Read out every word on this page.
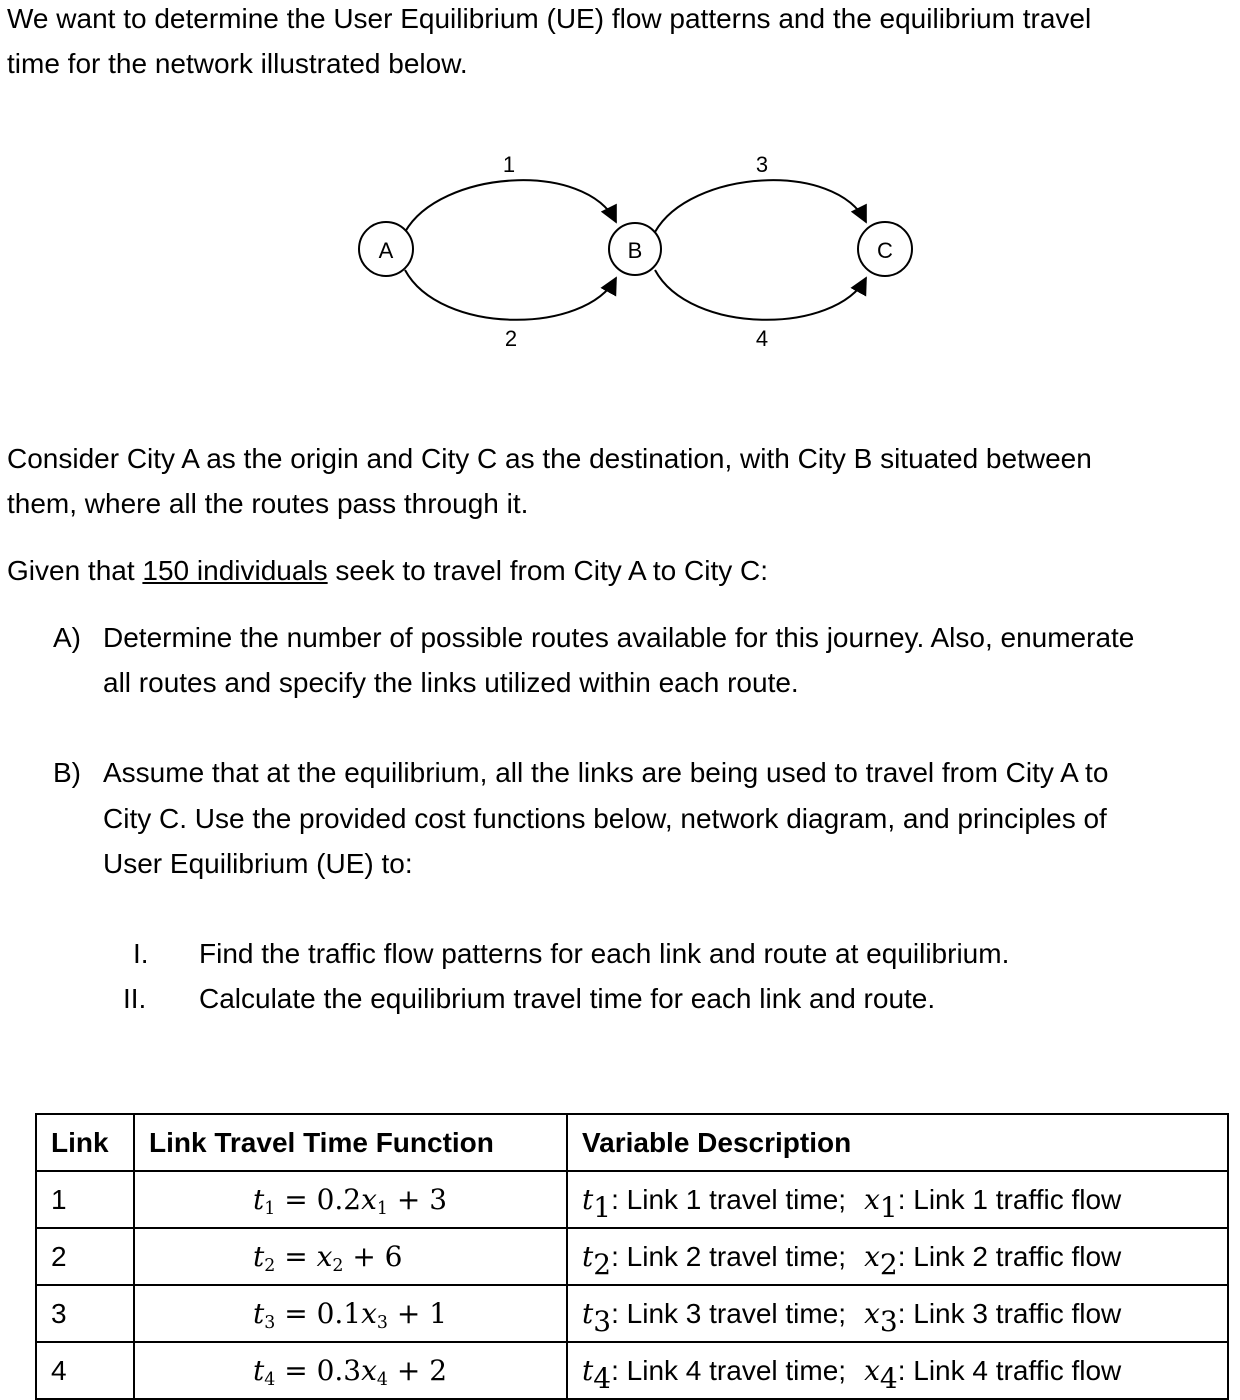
We want to determine the User Equilibrium (UE) flow patterns and the equilibrium travel

time for the network illustrated below.

A	B	C
1
2
3
4

Consider City A as the origin and City C as the destination, with City B situated between

them, where all the routes pass through it.

Given that 150 individuals seek to travel from City A to City C:

A) Determine the number of possible routes available for this journey. Also, enumerate

all routes and specify the links utilized within each route.

B) Assume that at the equilibrium, all the links are being used to travel from City A to

City C. Use the provided cost functions below, network diagram, and principles of

User Equilibrium (UE) to:

I. Find the traffic flow patterns for each link and route at equilibrium.

II. Calculate the equilibrium travel time for each link and route.

Link	Link Travel Time Function	Variable Description
1	$t_1 = 0.2x_1 + 3$	$t_1$: Link 1 travel time; $x_1$: Link 1 traffic flow
2	$t_2 = x_2 + 6$	$t_2$: Link 2 travel time; $x_2$: Link 2 traffic flow
3	$t_3 = 0.1x_3 + 1$	$t_3$: Link 3 travel time; $x_3$: Link 3 traffic flow
4	$t_4 = 0.3x_4 + 2$	$t_4$: Link 4 travel time; $x_4$: Link 4 traffic flow
